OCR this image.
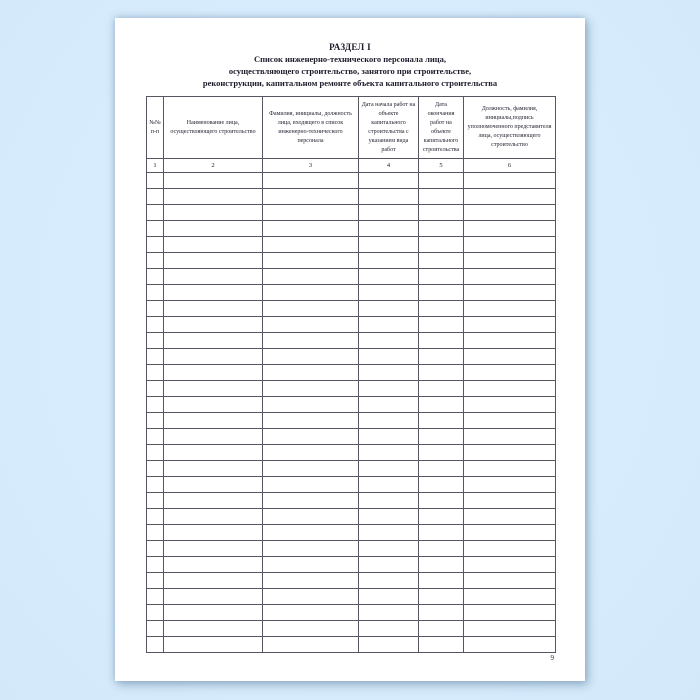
РАЗДЕЛ I
Список инженерно-технического персонала лица,
осуществляющего строительство, занятого при строительстве,
реконструкции, капитальном ремонте объекта капитального строительства
№№ п-п	Наименование лица, осуществляющего строительство	Фамилия, инициалы, должность лица, входящего в список инженерно-технического персонала	Дата начала работ на объекте капитального строительства с указанием вида работ	Дата окончания работ на объекте капитального строительства	Должность, фамилия, инициалы,подпись уполномоченного представителя лица, осуществляющего строительство
1	2	3	4	5	6

9
